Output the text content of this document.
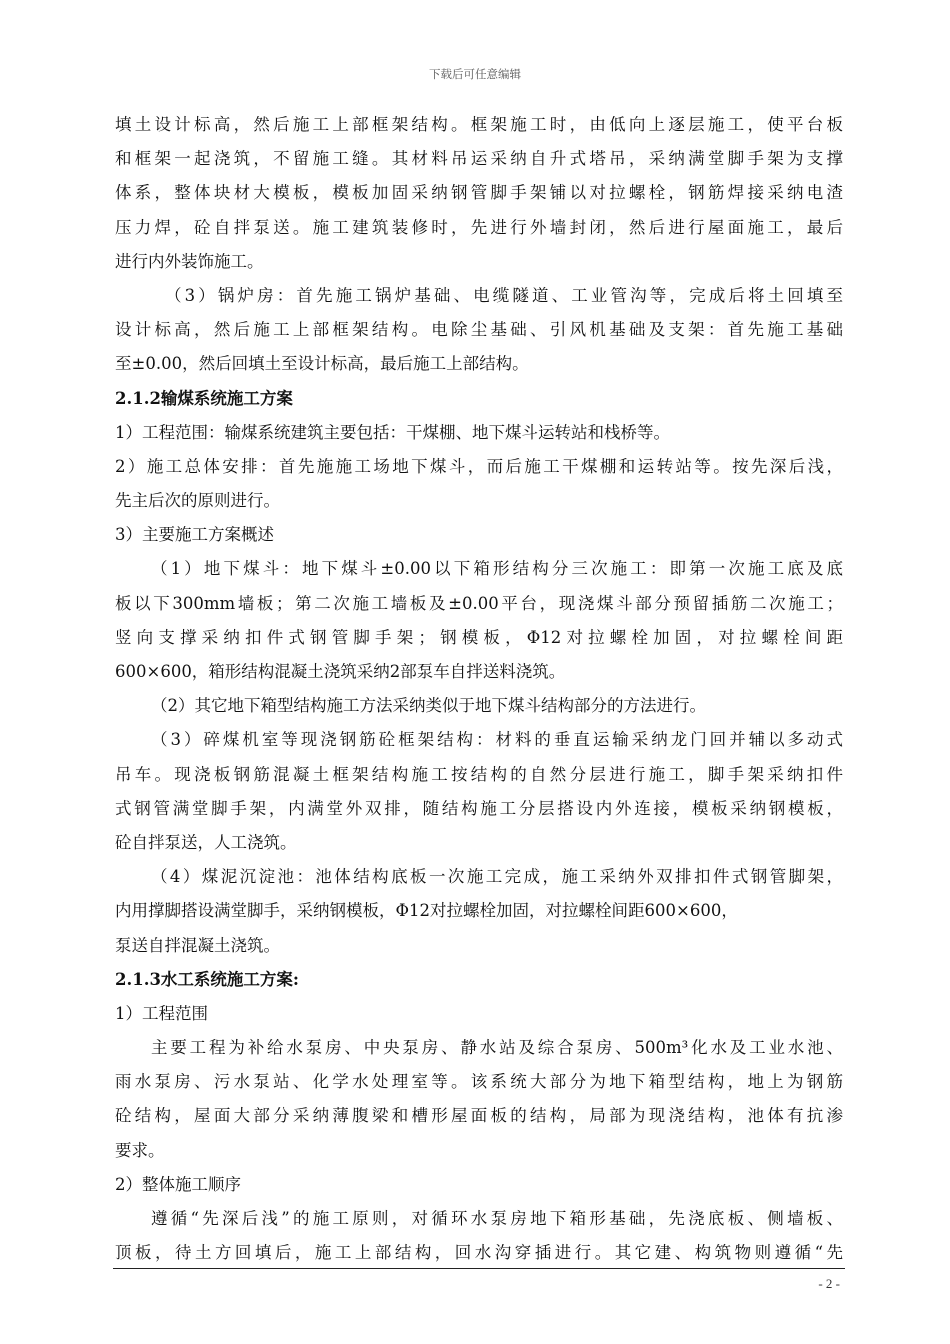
下载后可任意编辑
填土设计标高，然后施工上部框架结构。框架施工时，由低向上逐层施工，使平台板
和框架一起浇筑，不留施工缝。其材料吊运采纳自升式塔吊，采纳满堂脚手架为支撑
体系，整体块材大模板，模板加固采纳钢管脚手架铺以对拉螺栓，钢筋焊接采纳电渣
压力焊，砼自拌泵送。施工建筑装修时，先进行外墙封闭，然后进行屋面施工，最后
进行内外装饰施工。
（3）锅炉房：首先施工锅炉基础、电缆隧道、工业管沟等，完成后将土回填至
设计标高，然后施工上部框架结构。电除尘基础、引风机基础及支架：首先施工基础
至±0.00，然后回填土至设计标高，最后施工上部结构。
2.1.2输煤系统施工方案
1）工程范围：输煤系统建筑主要包括：干煤棚、地下煤斗运转站和栈桥等。
2）施工总体安排：首先施施工场地下煤斗，而后施工干煤棚和运转站等。按先深后浅，
先主后次的原则进行。
3）主要施工方案概述
（1）地下煤斗：地下煤斗±0.00以下箱形结构分三次施工：即第一次施工底及底
板以下300mm墙板；第二次施工墙板及±0.00平台，现浇煤斗部分预留插筋二次施工；
竖向支撑采纳扣件式钢管脚手架；钢模板，Φ12对拉螺栓加固，对拉螺栓间距
600×600，箱形结构混凝土浇筑采纳2部泵车自拌送料浇筑。
（2）其它地下箱型结构施工方法采纳类似于地下煤斗结构部分的方法进行。
（3）碎煤机室等现浇钢筋砼框架结构：材料的垂直运输采纳龙门回并辅以多动式
吊车。现浇板钢筋混凝土框架结构施工按结构的自然分层进行施工，脚手架采纳扣件
式钢管满堂脚手架，内满堂外双排，随结构施工分层搭设内外连接，模板采纳钢模板，
砼自拌泵送，人工浇筑。
（4）煤泥沉淀池：池体结构底板一次施工完成，施工采纳外双排扣件式钢管脚架，
内用撑脚搭设满堂脚手，采纳钢模板，Φ12对拉螺栓加固，对拉螺栓间距600×600，
泵送自拌混凝土浇筑。
2.1.3水工系统施工方案:
1）工程范围
主要工程为补给水泵房、中央泵房、静水站及综合泵房、500m³化水及工业水池、
雨水泵房、污水泵站、化学水处理室等。该系统大部分为地下箱型结构，地上为钢筋
砼结构，屋面大部分采纳薄腹梁和槽形屋面板的结构，局部为现浇结构，池体有抗渗
要求。
2）整体施工顺序
遵循“先深后浅”的施工原则，对循环水泵房地下箱形基础，先浇底板、侧墙板、
顶板，待土方回填后，施工上部结构，回水沟穿插进行。其它建、构筑物则遵循“先
- 2 -
